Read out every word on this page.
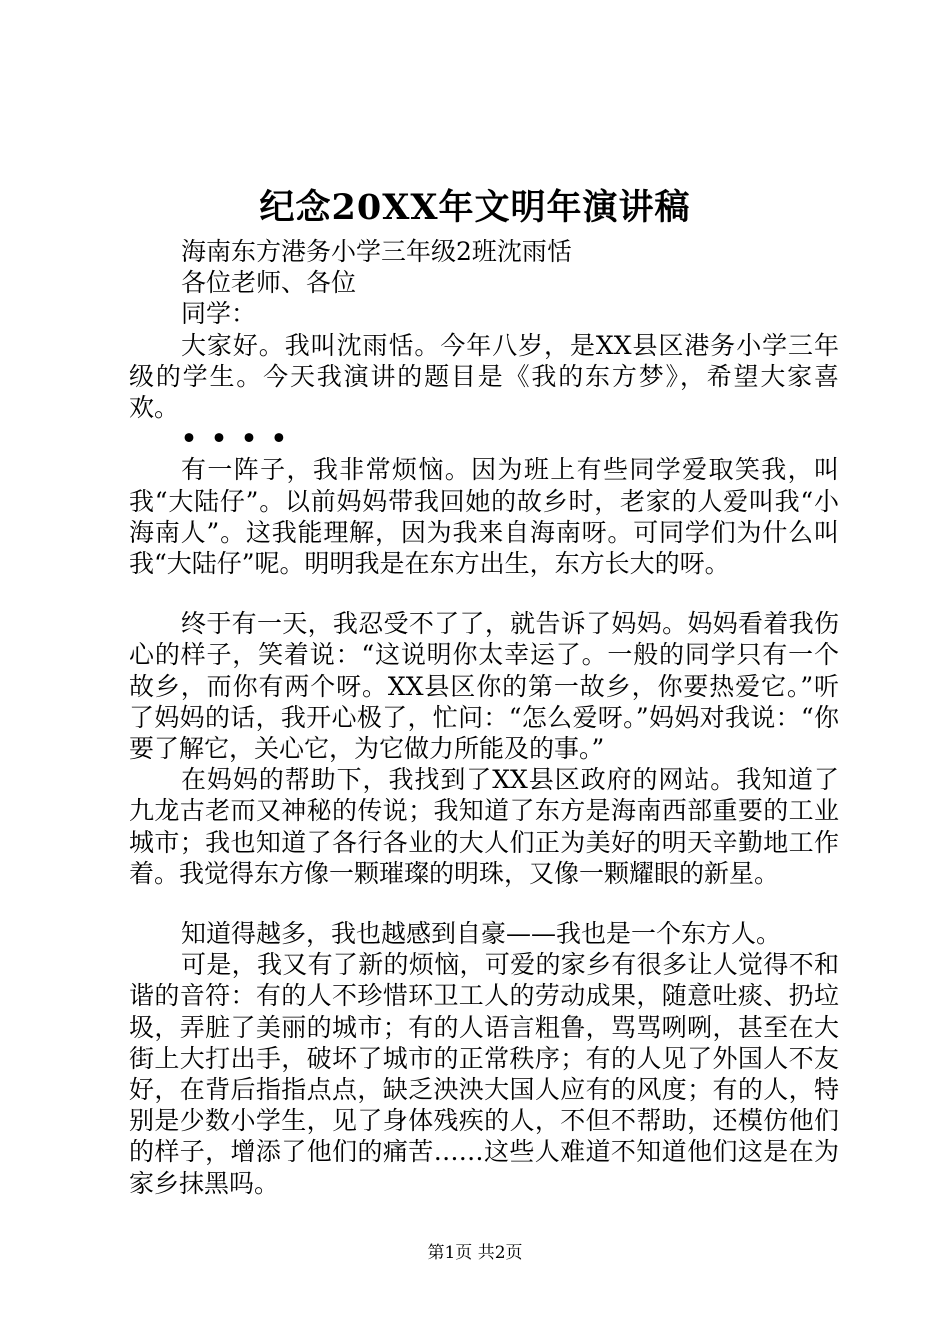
纪念20XX年文明年演讲稿

海南东方港务小学三年级2班沈雨恬

各位老师、各位

同学：

大家好。我叫沈雨恬。今年八岁，是XX县区港务小学三年级的学生。今天我演讲的题目是《我的东方梦》，希望大家喜欢。

••••

有一阵子，我非常烦恼。因为班上有些同学爱取笑我，叫我“大陆仔”。以前妈妈带我回她的故乡时，老家的人爱叫我“小海南人”。这我能理解，因为我来自海南呀。可同学们为什么叫我“大陆仔”呢。明明我是在东方出生，东方长大的呀。

终于有一天，我忍受不了了，就告诉了妈妈。妈妈看着我伤心的样子，笑着说：“这说明你太幸运了。一般的同学只有一个故乡，而你有两个呀。XX县区你的第一故乡，你要热爱它。”听了妈妈的话，我开心极了，忙问：“怎么爱呀。”妈妈对我说：“你要了解它，关心它，为它做力所能及的事。”

在妈妈的帮助下，我找到了XX县区政府的网站。我知道了九龙古老而又神秘的传说；我知道了东方是海南西部重要的工业城市；我也知道了各行各业的大人们正为美好的明天辛勤地工作着。我觉得东方像一颗璀璨的明珠，又像一颗耀眼的新星。

知道得越多，我也越感到自豪——我也是一个东方人。

可是，我又有了新的烦恼，可爱的家乡有很多让人觉得不和谐的音符：有的人不珍惜环卫工人的劳动成果，随意吐痰、扔垃圾，弄脏了美丽的城市；有的人语言粗鲁，骂骂咧咧，甚至在大街上大打出手，破坏了城市的正常秩序；有的人见了外国人不友好，在背后指指点点，缺乏泱泱大国人应有的风度；有的人，特别是少数小学生，见了身体残疾的人，不但不帮助，还模仿他们的样子，增添了他们的痛苦……这些人难道不知道他们这是在为家乡抹黑吗。

第1页 共2页
